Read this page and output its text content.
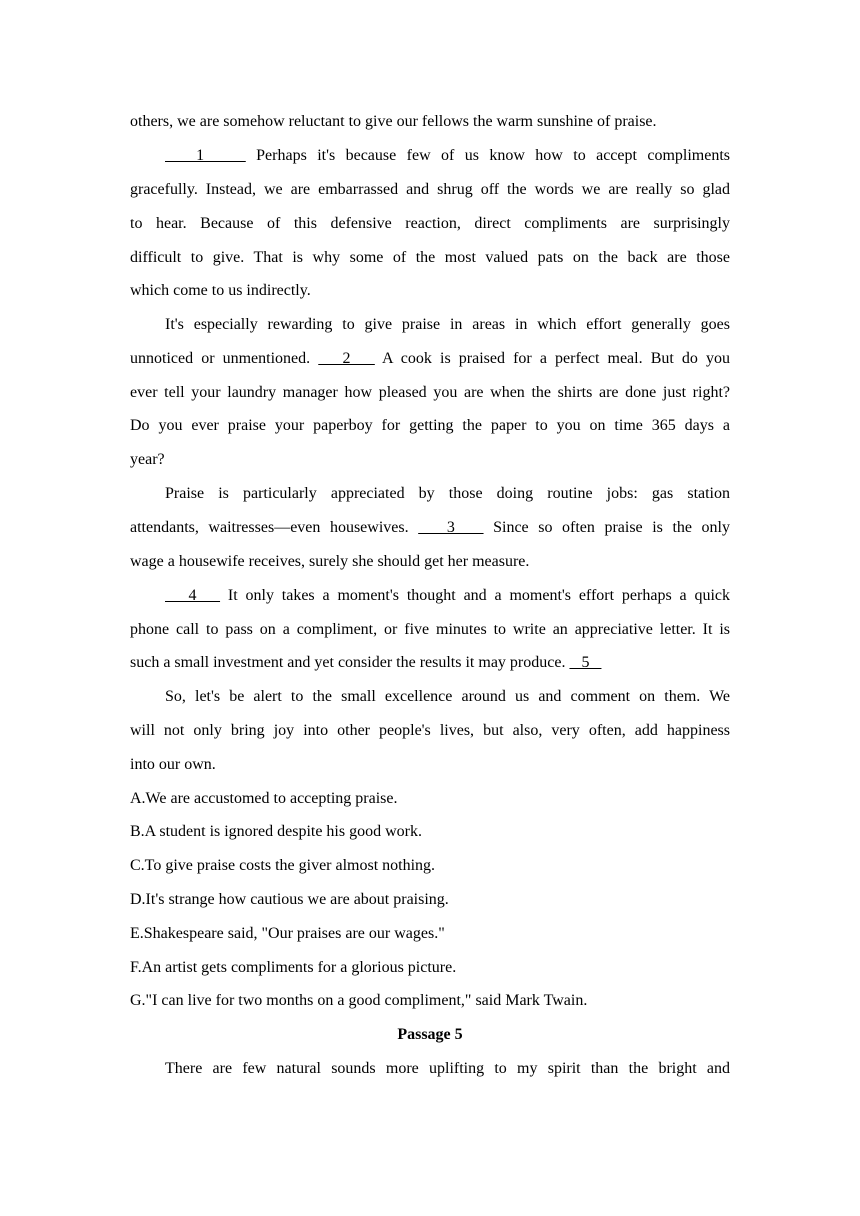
others, we are somehow reluctant to give our fellows the warm sunshine of praise.
1     Perhaps it's because few of us know how to accept compliments
gracefully. Instead, we are embarrassed and shrug off the words we are really so glad
to hear. Because of this defensive reaction, direct compliments are surprisingly
difficult to give. That is why some of the most valued pats on the back are those
which come to us indirectly.
It's especially rewarding to give praise in areas in which effort generally goes
unnoticed or unmentioned.    2    A cook is praised for a perfect meal. But do you
ever tell your laundry manager how pleased you are when the shirts are done just right?
Do you ever praise your paperboy for getting the paper to you on time 365 days a
year?
Praise is particularly appreciated by those doing routine jobs: gas station
attendants, waitresses—even housewives.    3    Since so often praise is the only
wage a housewife receives, surely she should get her measure.
4    It only takes a moment's thought and a moment's effort perhaps a quick
phone call to pass on a compliment, or five minutes to write an appreciative letter. It is
such a small investment and yet consider the results it may produce.    5
So, let's be alert to the small excellence around us and comment on them. We
will not only bring joy into other people's lives, but also, very often, add happiness
into our own.
A.We are accustomed to accepting praise.
B.A student is ignored despite his good work.
C.To give praise costs the giver almost nothing.
D.It's strange how cautious we are about praising.
E.Shakespeare said, "Our praises are our wages."
F.An artist gets compliments for a glorious picture.
G."I can live for two months on a good compliment," said Mark Twain.
Passage 5
There are few natural sounds more uplifting to my spirit than the bright and
